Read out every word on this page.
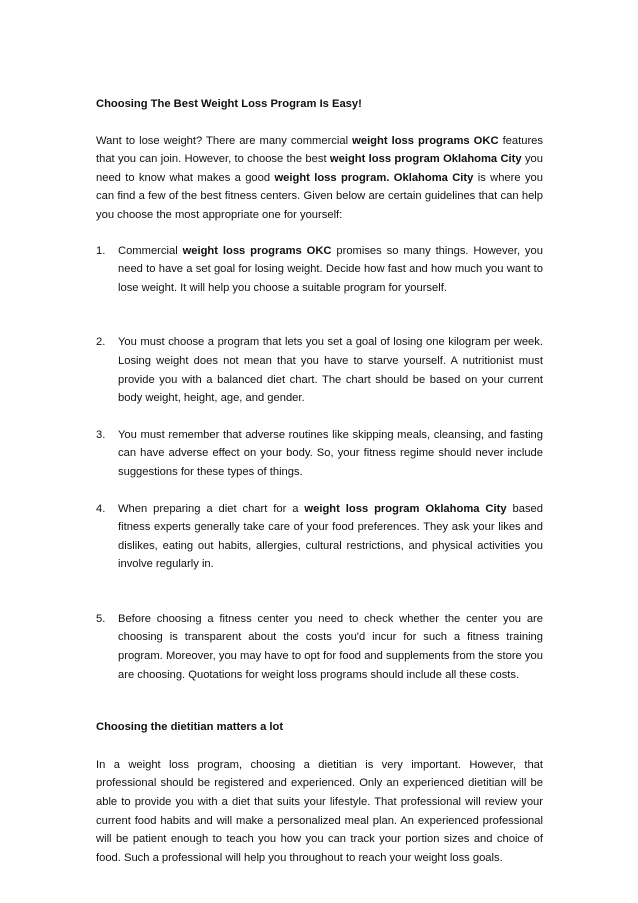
Choosing The Best Weight Loss Program Is Easy!

Want to lose weight? There are many commercial weight loss programs OKC features that you can join. However, to choose the best weight loss program Oklahoma City you need to know what makes a good weight loss program. Oklahoma City is where you can find a few of the best fitness centers. Given below are certain guidelines that can help you choose the most appropriate one for yourself:

1. Commercial weight loss programs OKC promises so many things. However, you need to have a set goal for losing weight. Decide how fast and how much you want to lose weight. It will help you choose a suitable program for yourself.
2. You must choose a program that lets you set a goal of losing one kilogram per week. Losing weight does not mean that you have to starve yourself. A nutritionist must provide you with a balanced diet chart. The chart should be based on your current body weight, height, age, and gender.
3. You must remember that adverse routines like skipping meals, cleansing, and fasting can have adverse effect on your body. So, your fitness regime should never include suggestions for these types of things.
4. When preparing a diet chart for a weight loss program Oklahoma City based fitness experts generally take care of your food preferences. They ask your likes and dislikes, eating out habits, allergies, cultural restrictions, and physical activities you involve regularly in.
5. Before choosing a fitness center you need to check whether the center you are choosing is transparent about the costs you'd incur for such a fitness training program. Moreover, you may have to opt for food and supplements from the store you are choosing. Quotations for weight loss programs should include all these costs.

Choosing the dietitian matters a lot

In a weight loss program, choosing a dietitian is very important. However, that professional should be registered and experienced. Only an experienced dietitian will be able to provide you with a diet that suits your lifestyle. That professional will review your current food habits and will make a personalized meal plan. An experienced professional will be patient enough to teach you how you can track your portion sizes and choice of food. Such a professional will help you throughout to reach your weight loss goals.
